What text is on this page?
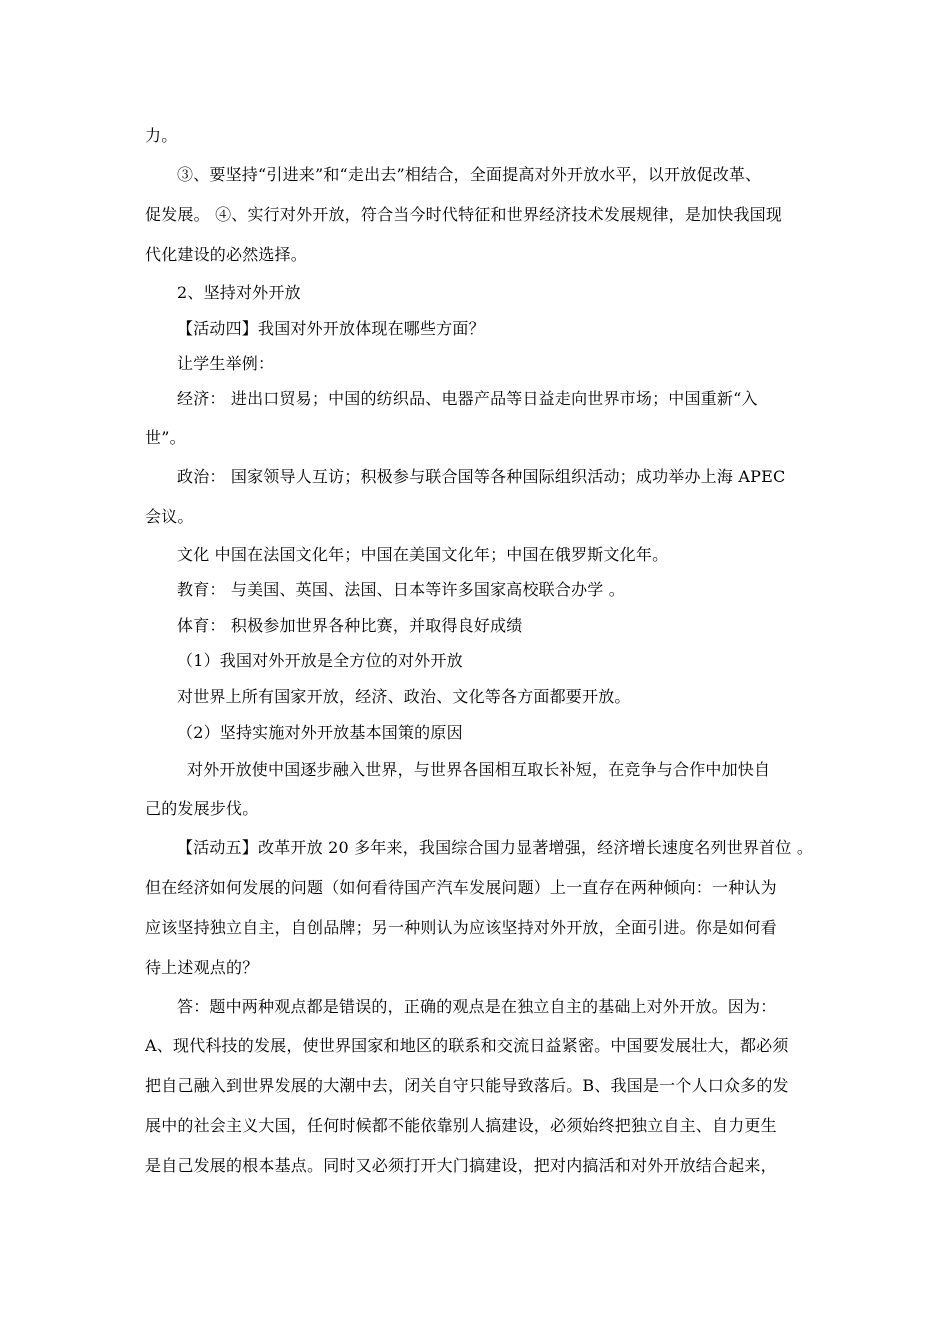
力。
③、要坚持“引进来”和“走出去”相结合，全面提高对外开放水平，以开放促改革、
促发展。 ④、实行对外开放，符合当今时代特征和世界经济技术发展规律，是加快我国现
代化建设的必然选择。
2、坚持对外开放
【活动四】我国对外开放体现在哪些方面？
让学生举例：
经济： 进出口贸易；中国的纺织品、电器产品等日益走向世界市场；中国重新“入
世”。
政治： 国家领导人互访；积极参与联合国等各种国际组织活动；成功举办上海 APEC
会议。
文化 中国在法国文化年；中国在美国文化年；中国在俄罗斯文化年。
教育： 与美国、英国、法国、日本等许多国家高校联合办学 。
体育： 积极参加世界各种比赛，并取得良好成绩
（1）我国对外开放是全方位的对外开放
对世界上所有国家开放，经济、政治、文化等各方面都要开放。
（2）坚持实施对外开放基本国策的原因
对外开放使中国逐步融入世界，与世界各国相互取长补短，在竞争与合作中加快自
己的发展步伐。
【活动五】改革开放 20 多年来，我国综合国力显著增强，经济增长速度名列世界首位 。
但在经济如何发展的问题（如何看待国产汽车发展问题）上一直存在两种倾向：一种认为
应该坚持独立自主，自创品牌；另一种则认为应该坚持对外开放，全面引进。你是如何看
待上述观点的？
答：题中两种观点都是错误的，正确的观点是在独立自主的基础上对外开放。因为：
A、现代科技的发展，使世界国家和地区的联系和交流日益紧密。中国要发展壮大，都必须
把自己融入到世界发展的大潮中去，闭关自守只能导致落后。B、我国是一个人口众多的发
展中的社会主义大国，任何时候都不能依靠别人搞建设，必须始终把独立自主、自力更生
是自己发展的根本基点。同时又必须打开大门搞建设，把对内搞活和对外开放结合起来，
